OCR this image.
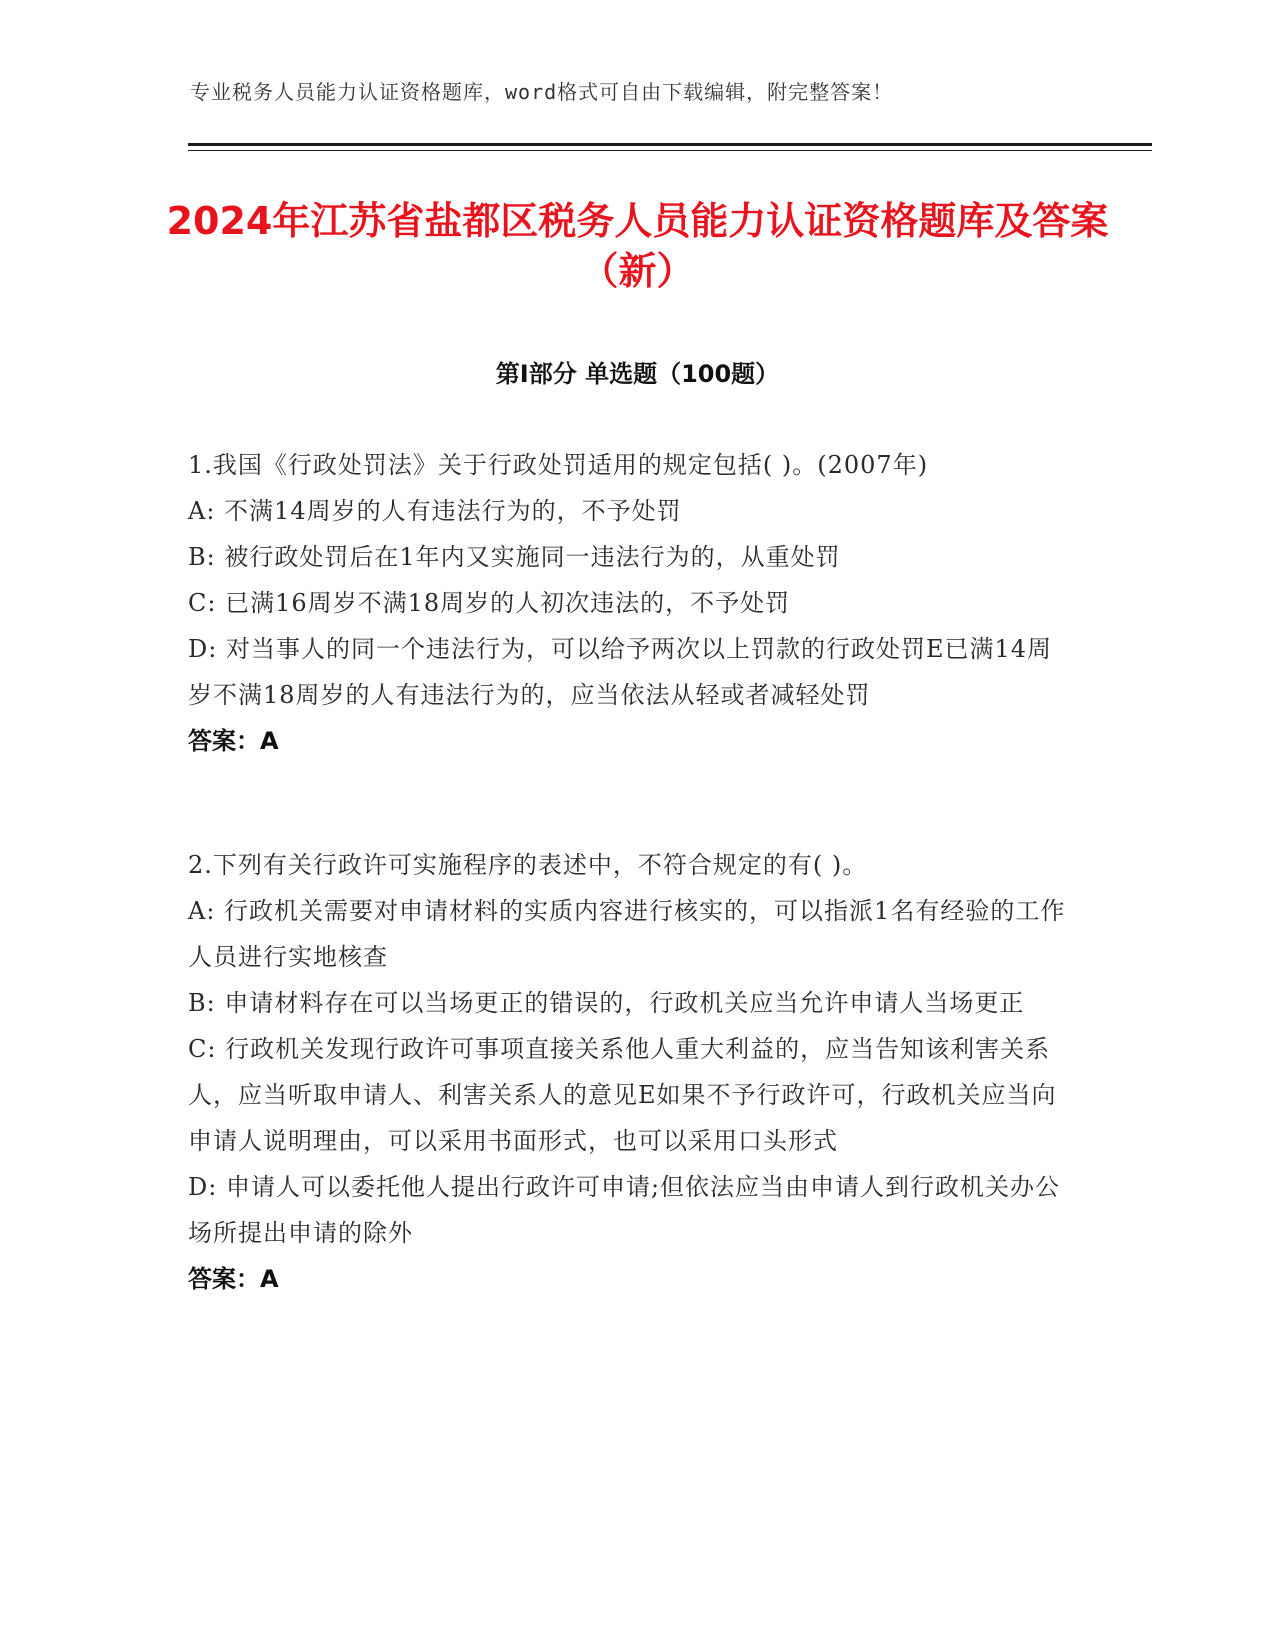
专业税务人员能力认证资格题库，word格式可自由下载编辑，附完整答案！
2024年江苏省盐都区税务人员能力认证资格题库及答案（新）
第Ⅰ部分 单选题（100题）
1.我国《行政处罚法》关于行政处罚适用的规定包括( )。(2007年)
A: 不满14周岁的人有违法行为的，不予处罚
B: 被行政处罚后在1年内又实施同一违法行为的，从重处罚
C: 已满16周岁不满18周岁的人初次违法的，不予处罚
D: 对当事人的同一个违法行为，可以给予两次以上罚款的行政处罚E已满14周岁不满18周岁的人有违法行为的，应当依法从轻或者减轻处罚
答案：A
2.下列有关行政许可实施程序的表述中，不符合规定的有( )。
A: 行政机关需要对申请材料的实质内容进行核实的，可以指派1名有经验的工作人员进行实地核查
B: 申请材料存在可以当场更正的错误的，行政机关应当允许申请人当场更正
C: 行政机关发现行政许可事项直接关系他人重大利益的，应当告知该利害关系人，应当听取申请人、利害关系人的意见E如果不予行政许可，行政机关应当向申请人说明理由，可以采用书面形式，也可以采用口头形式
D: 申请人可以委托他人提出行政许可申请;但依法应当由申请人到行政机关办公场所提出申请的除外
答案：A
